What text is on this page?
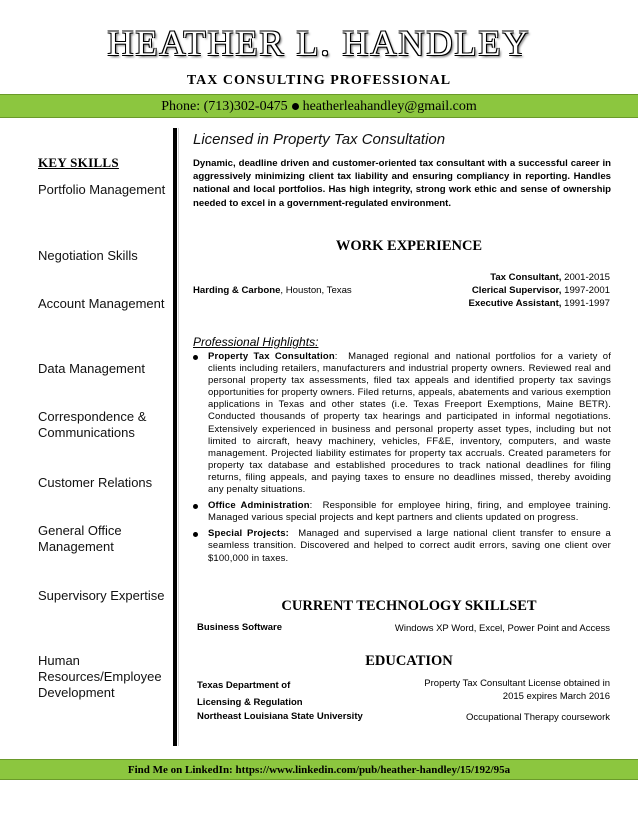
HEATHER L. HANDLEY
TAX CONSULTING PROFESSIONAL
Phone: (713)302-0475 heatherleahandley@gmail.com
KEY SKILLS
Portfolio Management
Negotiation Skills
Account Management
Data Management
Correspondence & Communications
Customer Relations
General Office Management
Supervisory Expertise
Human Resources/Employee Development
Licensed in Property Tax Consultation
Dynamic, deadline driven and customer-oriented tax consultant with a successful career in aggressively minimizing client tax liability and ensuring compliancy in reporting. Handles national and local portfolios. Has high integrity, strong work ethic and sense of ownership needed to excel in a government-regulated environment.
WORK EXPERIENCE
Harding & Carbone, Houston, Texas
Tax Consultant, 2001-2015
Clerical Supervisor, 1997-2001
Executive Assistant, 1991-1997
Professional Highlights:
Property Tax Consultation: Managed regional and national portfolios for a variety of clients including retailers, manufacturers and industrial property owners. Reviewed real and personal property tax assessments, filed tax appeals and identified property tax savings opportunities for property owners. Filed returns, appeals, abatements and various exemption applications in Texas and other states (i.e. Texas Freeport Exemptions, Maine BETR). Conducted thousands of property tax hearings and participated in informal negotiations. Extensively experienced in business and personal property asset types, including but not limited to aircraft, heavy machinery, vehicles, FF&E, inventory, computers, and waste management. Projected liability estimates for property tax accruals. Created parameters for property tax database and established procedures to track national deadlines for filing returns, filing appeals, and paying taxes to ensure no deadlines missed, thereby avoiding any penalty situations.
Office Administration: Responsible for employee hiring, firing, and employee training. Managed various special projects and kept partners and clients updated on progress.
Special Projects: Managed and supervised a large national client transfer to ensure a seamless transition. Discovered and helped to correct audit errors, saving one client over $100,000 in taxes.
CURRENT TECHNOLOGY SKILLSET
Business Software	Windows XP Word, Excel, Power Point and Access
EDUCATION
Texas Department of
Licensing & Regulation
Property Tax Consultant License obtained in
2015 expires March 2016
Northeast Louisiana State University	Occupational Therapy coursework
Find Me on LinkedIn: https://www.linkedin.com/pub/heather-handley/15/192/95a
